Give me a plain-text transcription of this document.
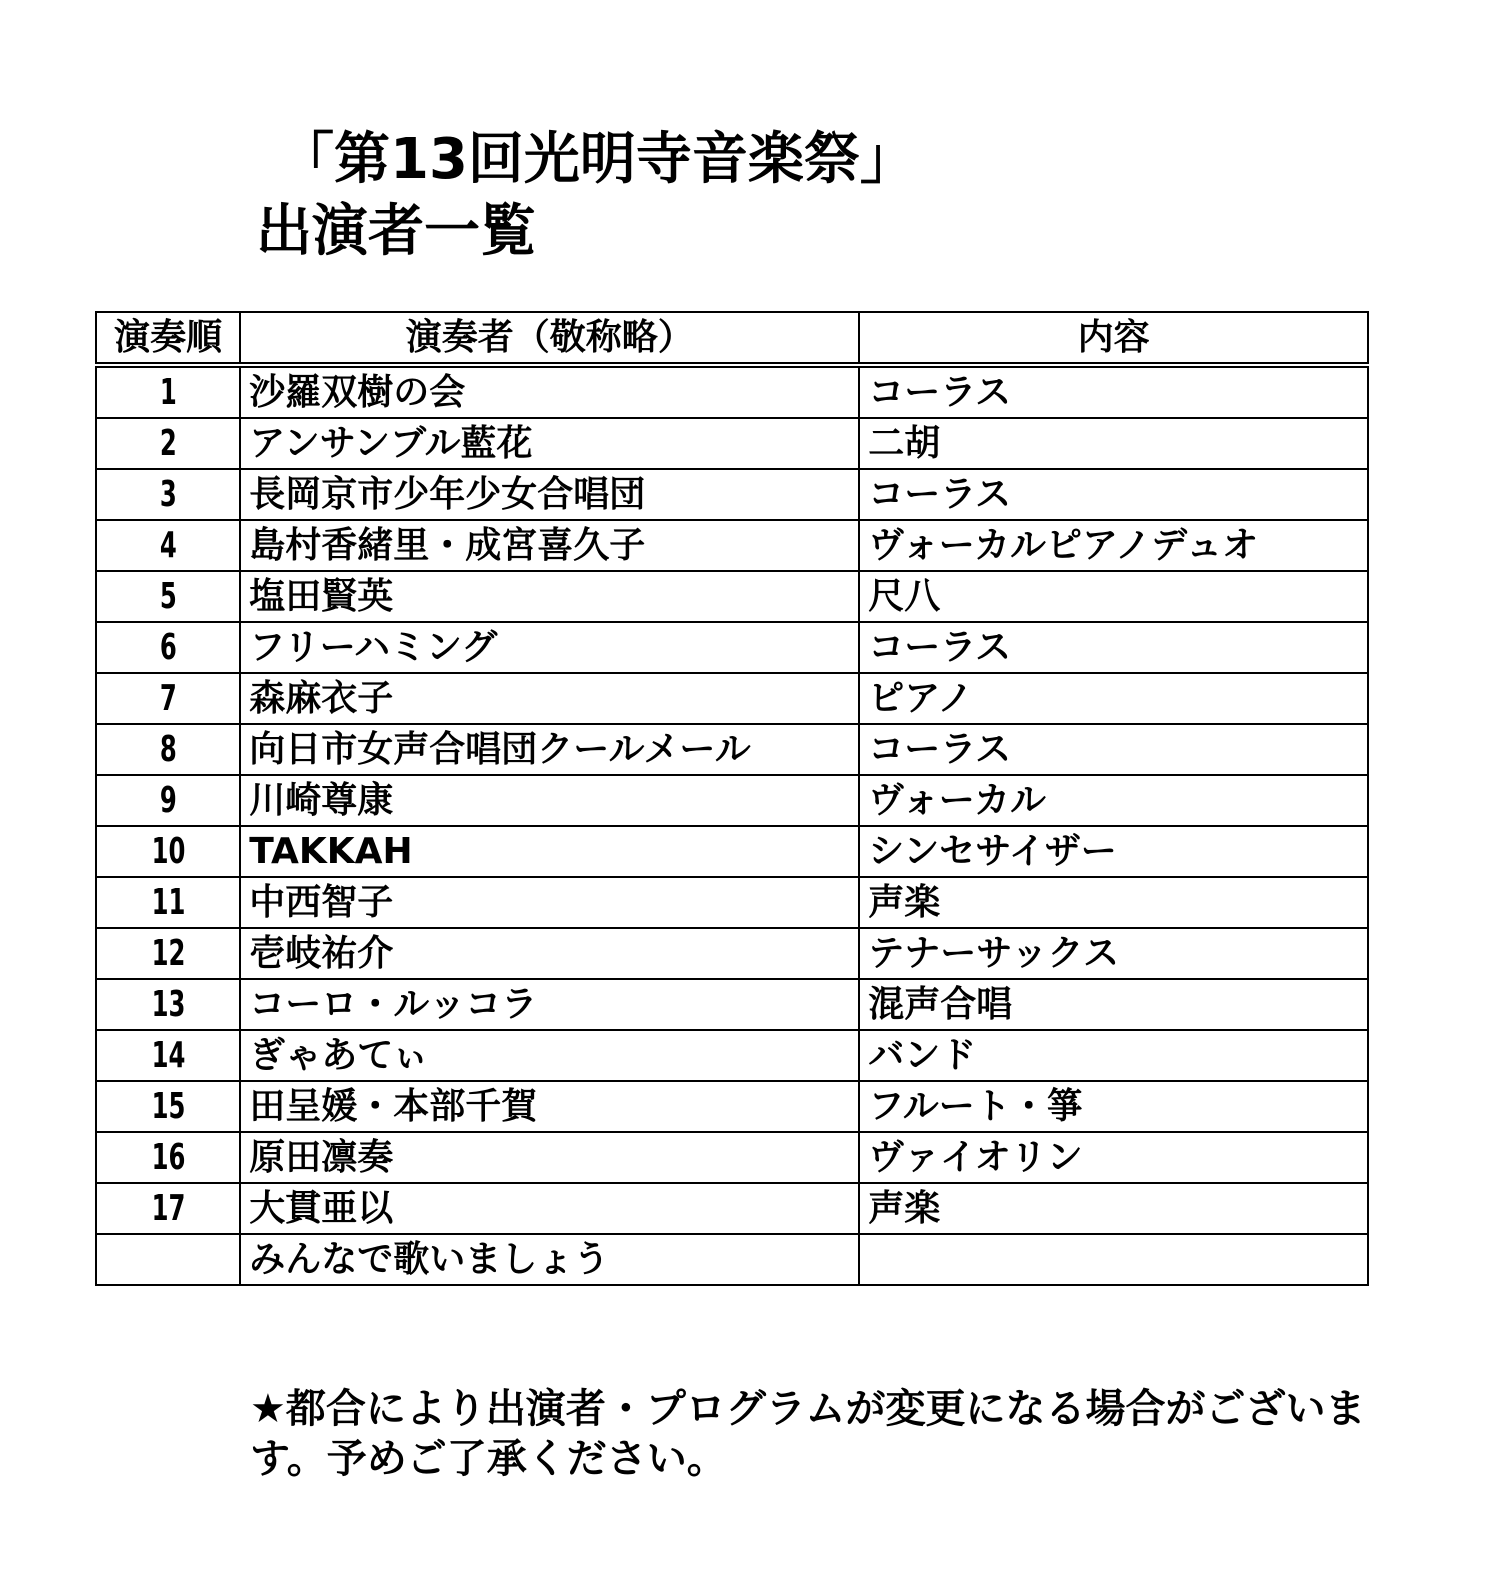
「第13回光明寺音楽祭」
出演者一覧
演奏順	演奏者（敬称略）	内容
1	沙羅双樹の会	コーラス
2	アンサンブル藍花	二胡
3	長岡京市少年少女合唱団	コーラス
4	島村香緒里・成宮喜久子	ヴォーカルピアノデュオ
5	塩田賢英	尺八
6	フリーハミング	コーラス
7	森麻衣子	ピアノ
8	向日市女声合唱団クールメール	コーラス
9	川崎尊康	ヴォーカル
10	TAKKAH	シンセサイザー
11	中西智子	声楽
12	壱岐祐介	テナーサックス
13	コーロ・ルッコラ	混声合唱
14	ぎゃあてぃ	バンド
15	田呈媛・本部千賀	フルート・箏
16	原田凛奏	ヴァイオリン
17	大貫亜以	声楽
	みんなで歌いましょう	
★都合により出演者・プログラムが変更になる場合がございます。予めご了承ください。
